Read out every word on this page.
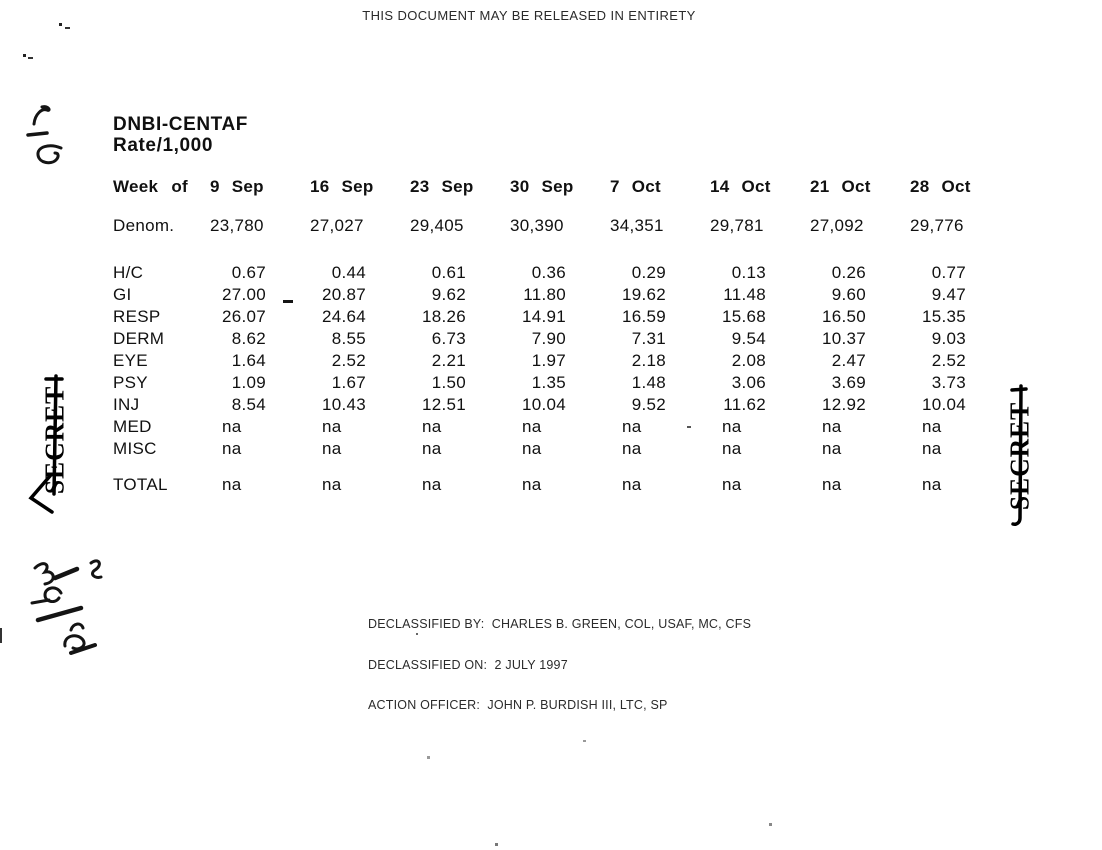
THIS DOCUMENT MAY BE RELEASED IN ENTIRETY
SECRET	SECRET
DNBI-CENTAF
Rate/1,000
Week of	9 Sep	16 Sep	23 Sep	30 Sep	7 Oct	14 Oct	21 Oct	28 Oct
Denom.	23,780	27,027	29,405	30,390	34,351	29,781	27,092	29,776
H/C	0.67	0.44	0.61	0.36	0.29	0.13	0.26	0.77
GI	27.00	20.87	9.62	11.80	19.62	11.48	9.60	9.47
RESP	26.07	24.64	18.26	14.91	16.59	15.68	16.50	15.35
DERM	8.62	8.55	6.73	7.90	7.31	9.54	10.37	9.03
EYE	1.64	2.52	2.21	1.97	2.18	2.08	2.47	2.52
PSY	1.09	1.67	1.50	1.35	1.48	3.06	3.69	3.73
INJ	8.54	10.43	12.51	10.04	9.52	11.62	12.92	10.04
MED	na	na	na	na	na	na	na	na
MISC	na	na	na	na	na	na	na	na
TOTAL	na	na	na	na	na	na	na	na

DECLASSIFIED BY:  CHARLES B. GREEN, COL, USAF, MC, CFS

DECLASSIFIED ON:  2 JULY 1997

ACTION OFFICER:  JOHN P. BURDISH III, LTC, SP
